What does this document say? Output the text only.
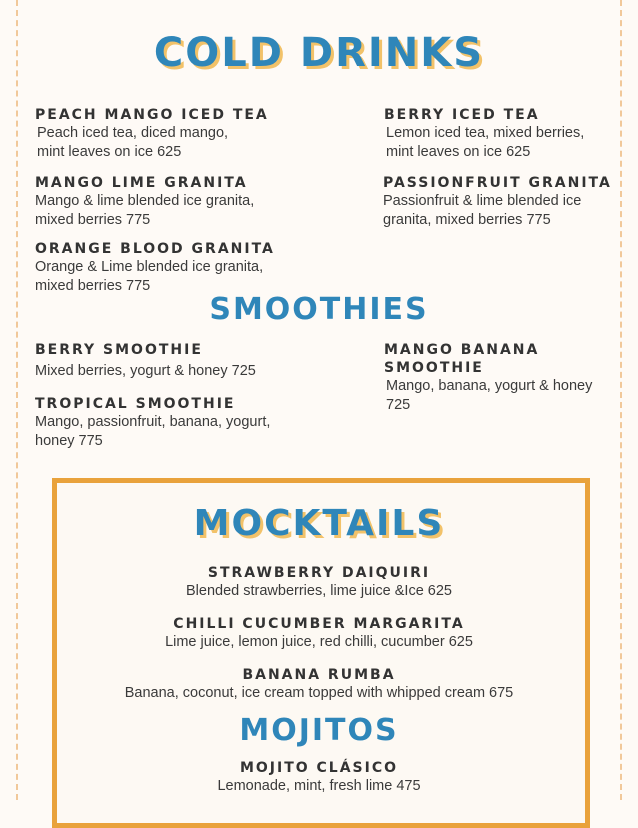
COLD DRINKS
PEACH MANGO ICED TEA
Peach iced tea, diced mango,
mint leaves on ice 625
BERRY ICED TEA
Lemon iced tea, mixed berries,
mint leaves on ice 625
MANGO LIME GRANITA
Mango & lime blended ice granita,
mixed berries 775
PASSIONFRUIT GRANITA
Passionfruit & lime blended ice
granita, mixed berries 775
ORANGE BLOOD GRANITA
Orange & Lime blended ice granita,
mixed berries 775
SMOOTHIES
BERRY SMOOTHIE
Mixed berries, yogurt & honey 725
MANGO BANANA
SMOOTHIE
Mango, banana, yogurt & honey
725
TROPICAL SMOOTHIE
Mango, passionfruit, banana, yogurt,
honey 775
MOCKTAILS
STRAWBERRY DAIQUIRI
Blended strawberries, lime juice &Ice 625
CHILLI CUCUMBER MARGARITA
Lime juice, lemon juice, red chilli, cucumber 625
BANANA RUMBA
Banana, coconut, ice cream topped with whipped cream 675
MOJITOS
MOJITO CLÁSICO
Lemonade, mint, fresh lime 475
